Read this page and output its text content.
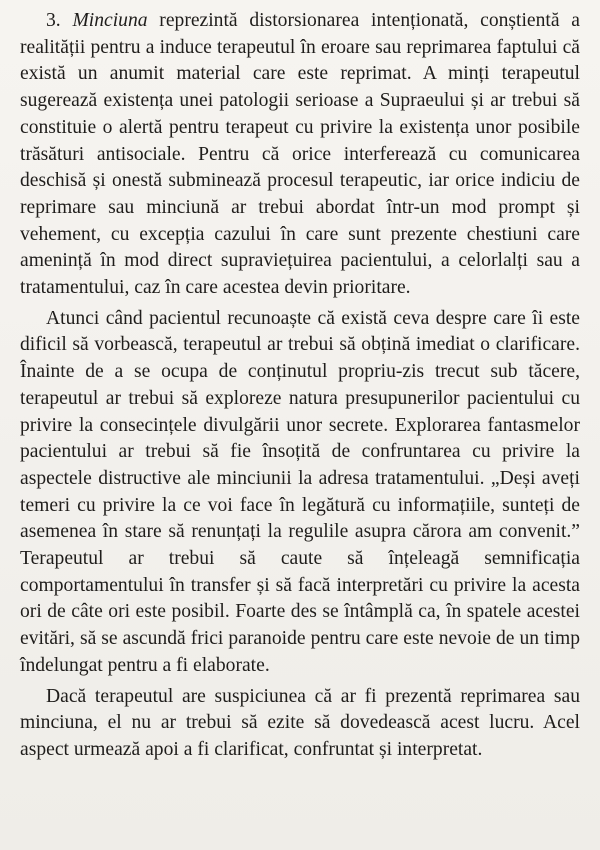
3. Minciuna reprezintă distorsionarea intenționată, conștientă a realității pentru a induce terapeutul în eroare sau reprimarea faptului că există un anumit material care este reprimat. A minți terapeutul sugerează existența unei patologii serioase a Supraeului și ar trebui să constituie o alertă pentru terapeut cu privire la existența unor posibile trăsături antisociale. Pentru că orice interferează cu comunicarea deschisă și onestă subminează procesul terapeutic, iar orice indiciu de reprimare sau minciună ar trebui abordat într-un mod prompt și vehement, cu excepția cazului în care sunt prezente chestiuni care amenință în mod direct supraviețuirea pacientului, a celorlalți sau a tratamentului, caz în care acestea devin prioritare.

Atunci când pacientul recunoaște că există ceva despre care îi este dificil să vorbească, terapeutul ar trebui să obțină imediat o clarificare. Înainte de a se ocupa de conținutul propriu-zis trecut sub tăcere, terapeutul ar trebui să exploreze natura presupunerilor pacientului cu privire la consecințele divulgării unor secrete. Explorarea fantasmelor pacientului ar trebui să fie însoțită de confruntarea cu privire la aspectele distructive ale minciunii la adresa tratamentului. „Deși aveți temeri cu privire la ce voi face în legătură cu informațiile, sunteți de asemenea în stare să renunțați la regulile asupra cărora am convenit.” Terapeutul ar trebui să caute să înțeleagă semnificația comportamentului în transfer și să facă interpretări cu privire la acesta ori de câte ori este posibil. Foarte des se întâmplă ca, în spatele acestei evitări, să se ascundă frici paranoide pentru care este nevoie de un timp îndelungat pentru a fi elaborate.

Dacă terapeutul are suspiciunea că ar fi prezentă reprimarea sau minciuna, el nu ar trebui să ezite să dovedească acest lucru. Acel aspect urmează apoi a fi clarificat, confruntat și interpretat.
